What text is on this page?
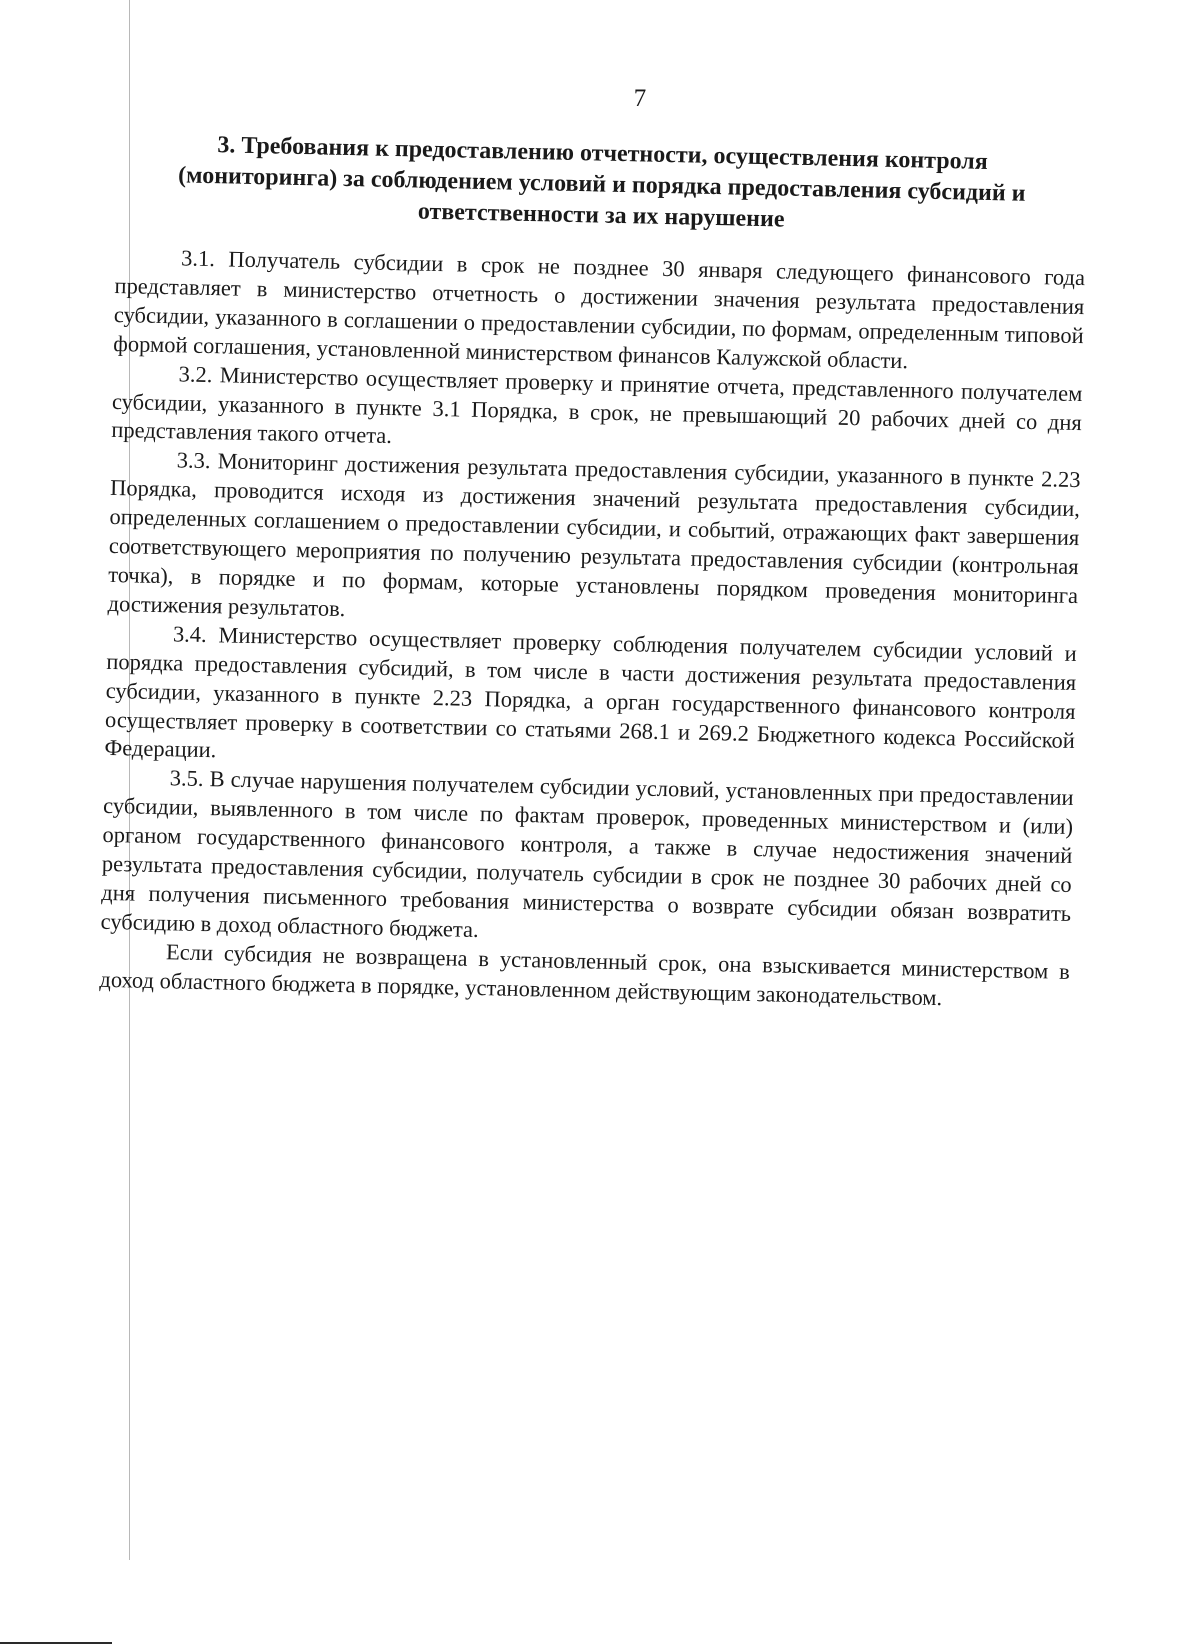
7
3. Требования к предоставлению отчетности, осуществления контроля
(мониторинга) за соблюдением условий и порядка предоставления субсидий и
ответственности за их нарушение

3.1. Получатель субсидии в срок не позднее 30 января следующего финансового года представляет в министерство отчетность о достижении значения результата предоставления субсидии, указанного в соглашении о предоставлении субсидии, по формам, определенным типовой формой соглашения, установленной министерством финансов Калужской области.

3.2. Министерство осуществляет проверку и принятие отчета, представленного получателем субсидии, указанного в пункте 3.1 Порядка, в срок, не превышающий 20 рабочих дней со дня представления такого отчета.

3.3. Мониторинг достижения результата предоставления субсидии, указанного в пункте 2.23 Порядка, проводится исходя из достижения значений результата предоставления субсидии, определенных соглашением о предоставлении субсидии, и событий, отражающих факт завершения соответствующего мероприятия по получению результата предоставления субсидии (контрольная точка), в порядке и по формам, которые установлены порядком проведения мониторинга достижения результатов.

3.4. Министерство осуществляет проверку соблюдения получателем субсидии условий и порядка предоставления субсидий, в том числе в части достижения результата предоставления субсидии, указанного в пункте 2.23 Порядка, а орган государственного финансового контроля осуществляет проверку в соответствии со статьями 268.1 и 269.2 Бюджетного кодекса Российской Федерации.

3.5. В случае нарушения получателем субсидии условий, установленных при предоставлении субсидии, выявленного в том числе по фактам проверок, проведенных министерством и (или) органом государственного финансового контроля, а также в случае недостижения значений результата предоставления субсидии, получатель субсидии в срок не позднее 30 рабочих дней со дня получения письменного требования министерства о возврате субсидии обязан возвратить субсидию в доход областного бюджета.

Если субсидия не возвращена в установленный срок, она взыскивается министерством в доход областного бюджета в порядке, установленном действующим законодательством.
